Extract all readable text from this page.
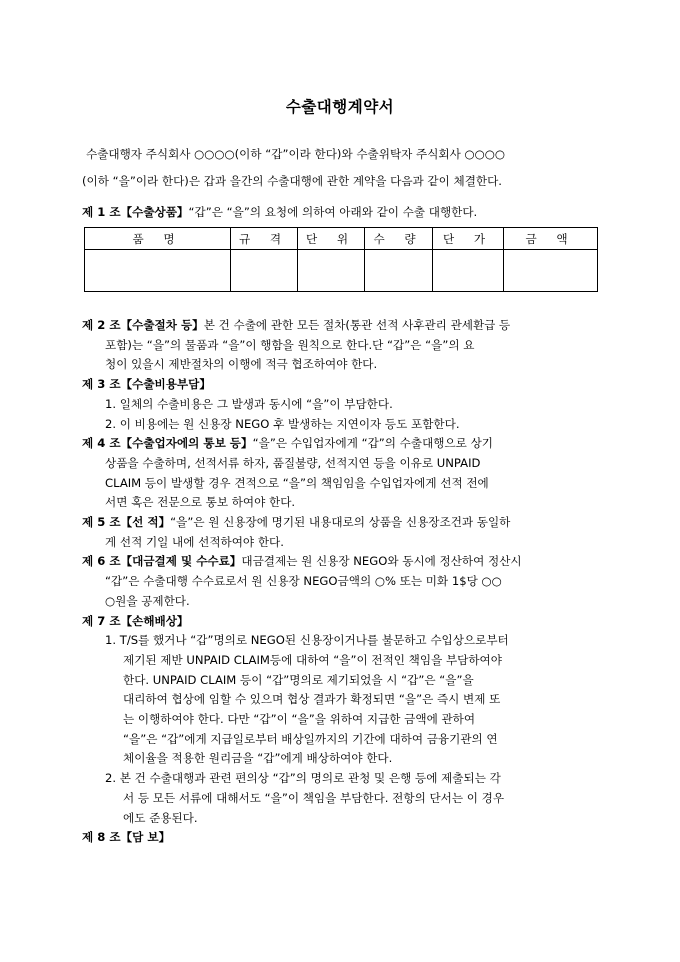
수출대행계약서
수출대행자 주식회사 ○○○○(이하 “갑”이라 한다)와 수출위탁자 주식회사 ○○○○
(이하 “을”이라 한다)은 갑과 을간의 수출대행에 관한 계약을 다음과 같이 체결한다.
제 1 조【수출상품】“갑”은 “을”의 요청에 의하여 아래와 같이 수출 대행한다.
품 명	규 격	단 위	수 량	단 가	금 액

제 2 조【수출절차 등】본 건 수출에 관한 모든 절차(통관 선적 사후관리 관세환급 등

포함)는 “을”의 물품과 “을”이 행함을 원칙으로 한다.단 “갑”은 “을”의 요

청이 있을시 제반절차의 이행에 적극 협조하여야 한다.

제 3 조【수출비용부담】

1. 일체의 수출비용은 그 발생과 동시에 “을”이 부담한다.

2. 이 비용에는 원 신용장 NEGO 후 발생하는 지연이자 등도 포함한다.

제 4 조【수출업자에의 통보 등】“을”은 수입업자에게 “갑”의 수출대행으로 상기

상품을 수출하며, 선적서류 하자, 품질불량, 선적지연 등을 이유로 UNPAID

CLAIM 등이 발생할 경우 견적으로 “을”의 책임임을 수입업자에게 선적 전에

서면 혹은 전문으로 통보 하여야 한다.

제 5 조【선 적】“을”은 원 신용장에 명기된 내용대로의 상품을 신용장조건과 동일하

게 선적 기일 내에 선적하여야 한다.

제 6 조【대금결제 및 수수료】대금결제는 원 신용장 NEGO와 동시에 정산하여 정산시

“갑”은 수출대행 수수료로서 원 신용장 NEGO금액의 ○% 또는 미화 1$당 ○○

○원을 공제한다.

제 7 조【손해배상】

1. T/S를 했거나 “갑”명의로 NEGO된 신용장이거나를 불문하고 수입상으로부터

제기된 제반 UNPAID CLAIM등에 대하여 “을”이 전적인 책임을 부담하여야

한다. UNPAID CLAIM 등이 “갑”명의로 제기되었을 시 “갑”은 “을”을

대리하여 협상에 임할 수 있으며 협상 결과가 확정되면 “을”은 즉시 변제 또

는 이행하여야 한다. 다만 “갑”이 “을”을 위하여 지급한 금액에 관하여

“을”은 “갑”에게 지급일로부터 배상일까지의 기간에 대하여 금융기관의 연

체이율을 적용한 원리금을 “갑”에게 배상하여야 한다.

2. 본 건 수출대행과 관련 편의상 “갑”의 명의로 관청 및 은행 등에 제출되는 각

서 등 모든 서류에 대해서도 “을”이 책임을 부담한다. 전항의 단서는 이 경우

에도 준용된다.

제 8 조【담 보】
